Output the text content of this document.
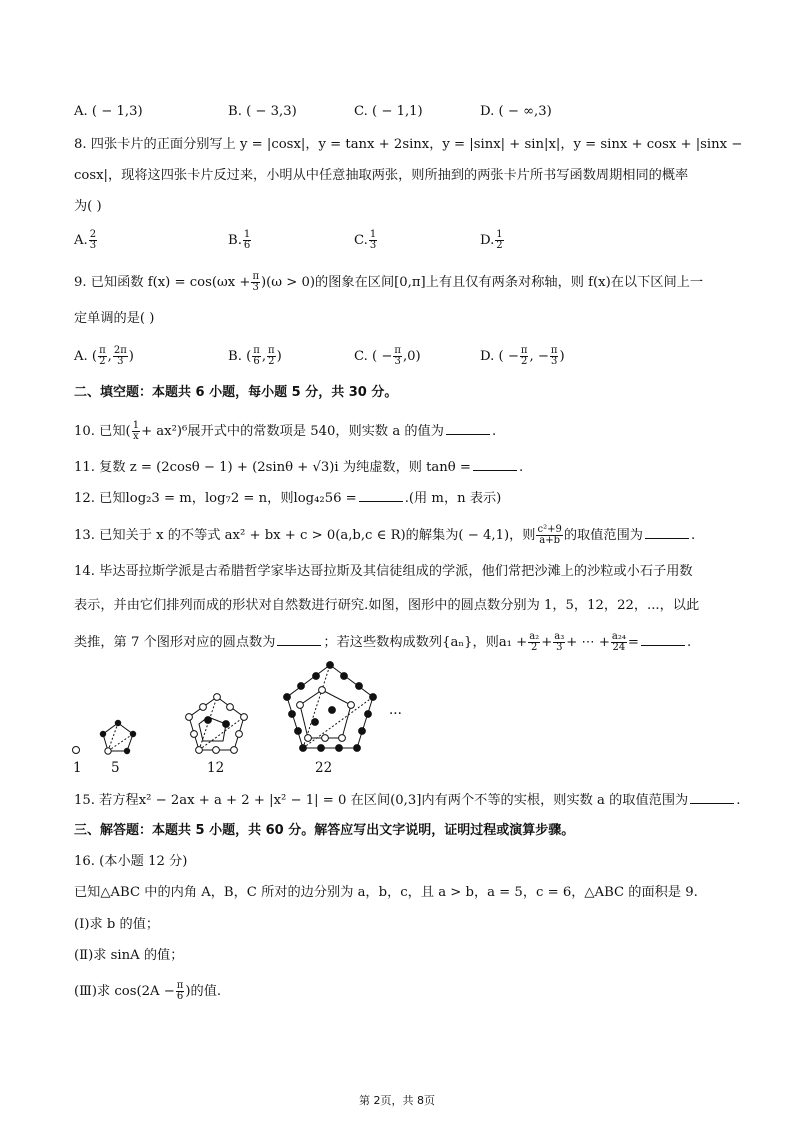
A. ( − 1,3)	B. ( − 3,3)	C. ( − 1,1)	D. ( − ∞,3)
8. 四张卡片的正面分别写上 y = |cosx|，y = tanx + 2sinx，y = |sinx| + sin|x|，y = sinx + cosx + |sinx −
cosx|，现将这四张卡片反过来，小明从中任意抽取两张，则所抽到的两张卡片所书写函数周期相同的概率
为( )
A. $\frac{2}{3}$	B. $\frac{1}{6}$	C. $\frac{1}{3}$	D. $\frac{1}{2}$
9. 已知函数 $f(x) = \cos(\omega x + \frac{\pi}{3} )(\omega > 0)$的图象在区间[0,π]上有且仅有两条对称轴，则 f(x)在以下区间上一
定单调的是( )
A. ( $\frac{\pi}{2}$ , $\frac{2\pi}{3}$ )	B. ( $\frac{\pi}{6}$ , $\frac{\pi}{2}$ )	C. ( − $\frac{\pi}{3} ,0$)	D. ( − $\frac{\pi}{2}$ , − $\frac{\pi}{3}$ )
二、填空题：本题共 6 小题，每小题 5 分，共 30 分。
10. 已知( $\frac{1}{x} + ax^2)^6$展开式中的常数项是 540，则实数 a 的值为	.
11. 复数 z = (2cosθ − 1) + (2sinθ + √3)i 为纯虚数，则 tanθ =	.
12. 已知log₂3 = m，log₇2 = n，则log₄₂56 =	.(用 m，n 表示)
13. 已知关于 x 的不等式 ax² + bx + c > 0(a,b,c ∈ R)的解集为( − 4,1)，则 $\frac{\text{c²+9}}{a+b}$ 的取值范围为	.
14. 毕达哥拉斯学派是古希腊哲学家毕达哥拉斯及其信徒组成的学派，他们常把沙滩上的沙粒或小石子用数
表示，并由它们排列而成的形状对自然数进行研究.如图，图形中的圆点数分别为 1，5，12，22，...，以此
类推，第 7 个图形对应的圆点数为	；若这些数构成数列{aₙ}，则$a_1 + \frac{\text{a₂}}{2} + \frac{\text{a₃}}{3}$ + ⋯ + $\frac{\text{a₂₄}}{24}$ =	.
1 5	12	22
···
15. 若方程x² − 2ax + a + 2 + |x² − 1| = 0 在区间(0,3]内有两个不等的实根，则实数 a 的取值范围为	.
三、解答题：本题共 5 小题，共 60 分。解答应写出文字说明，证明过程或演算步骤。
16. (本小题 12 分)
已知△ABC 中的内角 A，B，C 所对的边分别为 a，b，c，且 a > b，a = 5，c = 6，△ABC 的面积是 9.
(Ⅰ)求 b 的值；
(Ⅱ)求 sinA 的值；
(Ⅲ)求 $\cos(2A - \frac{\pi}{6}$ )的值.
第 2页，共 8页
